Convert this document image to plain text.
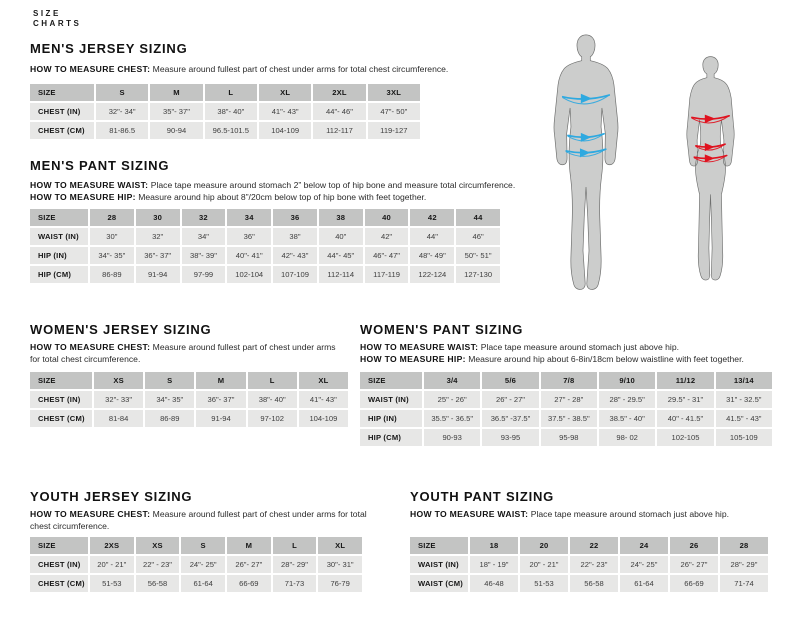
SIZE
CHARTS
MEN'S JERSEY SIZING

HOW TO MEASURE CHEST: Measure around fullest part of chest under arms for total chest circumference.

SIZE	S	M	L	XL	2XL	3XL
CHEST (IN)	32"- 34"	35"- 37"	38"- 40"	41"- 43"	44"- 46"	47"- 50"
CHEST (CM)	81-86.5	90-94	96.5-101.5	104-109	112-117	119-127
MEN'S PANT SIZING

HOW TO MEASURE WAIST: Place tape measure around stomach 2” below top of hip bone and measure total circumference.

HOW TO MEASURE HIP: Measure around hip about 8”/20cm below top of hip bone with feet together.

SIZE	28	30	32	34	36	38	40	42	44
WAIST (IN)	30"	32"	34"	36"	38"	40"	42"	44"	46"
HIP (IN)	34"- 35"	36"- 37"	38"- 39"	40"- 41"	42"- 43"	44"- 45"	46"- 47"	48"- 49"	50"- 51"
HIP (CM)	86-89	91-94	97-99	102-104	107-109	112-114	117-119	122-124	127-130
WOMEN'S JERSEY SIZING

HOW TO MEASURE CHEST: Measure around fullest part of chest under arms for total chest circumference.

SIZE	XS	S	M	L	XL
CHEST (IN)	32"- 33"	34"- 35"	36"- 37"	38"- 40"	41"- 43"
CHEST (CM)	81-84	86-89	91-94	97-102	104-109
WOMEN'S PANT SIZING

HOW TO MEASURE WAIST: Place tape measure around stomach just above hip.

HOW TO MEASURE HIP: Measure around hip about 6-8in/18cm below waistline with feet together.

SIZE	3/4	5/6	7/8	9/10	11/12	13/14
WAIST (IN)	25" - 26"	26" - 27"	27" - 28"	28" - 29.5"	29.5" - 31"	31" - 32.5"
HIP (IN)	35.5" - 36.5"	36.5" -37.5"	37.5" - 38.5"	38.5" - 40"	40" - 41.5"	41.5" - 43"
HIP (CM)	90-93	93-95	95-98	98- 02	102-105	105-109
YOUTH JERSEY SIZING

HOW TO MEASURE CHEST: Measure around fullest part of chest under arms for total chest circumference.

SIZE	2XS	XS	S	M	L	XL
CHEST (IN)	20" - 21"	22" - 23"	24"- 25"	26"- 27"	28"- 29"	30"- 31"
CHEST (CM)	51-53	56-58	61-64	66-69	71-73	76-79
YOUTH PANT SIZING

HOW TO MEASURE WAIST: Place tape measure around stomach just above hip.

SIZE	18	20	22	24	26	28
WAIST (IN)	18" - 19"	20" - 21"	22"- 23"	24"- 25"	26"- 27"	28"- 29"
WAIST (CM)	46-48	51-53	56-58	61-64	66-69	71-74
